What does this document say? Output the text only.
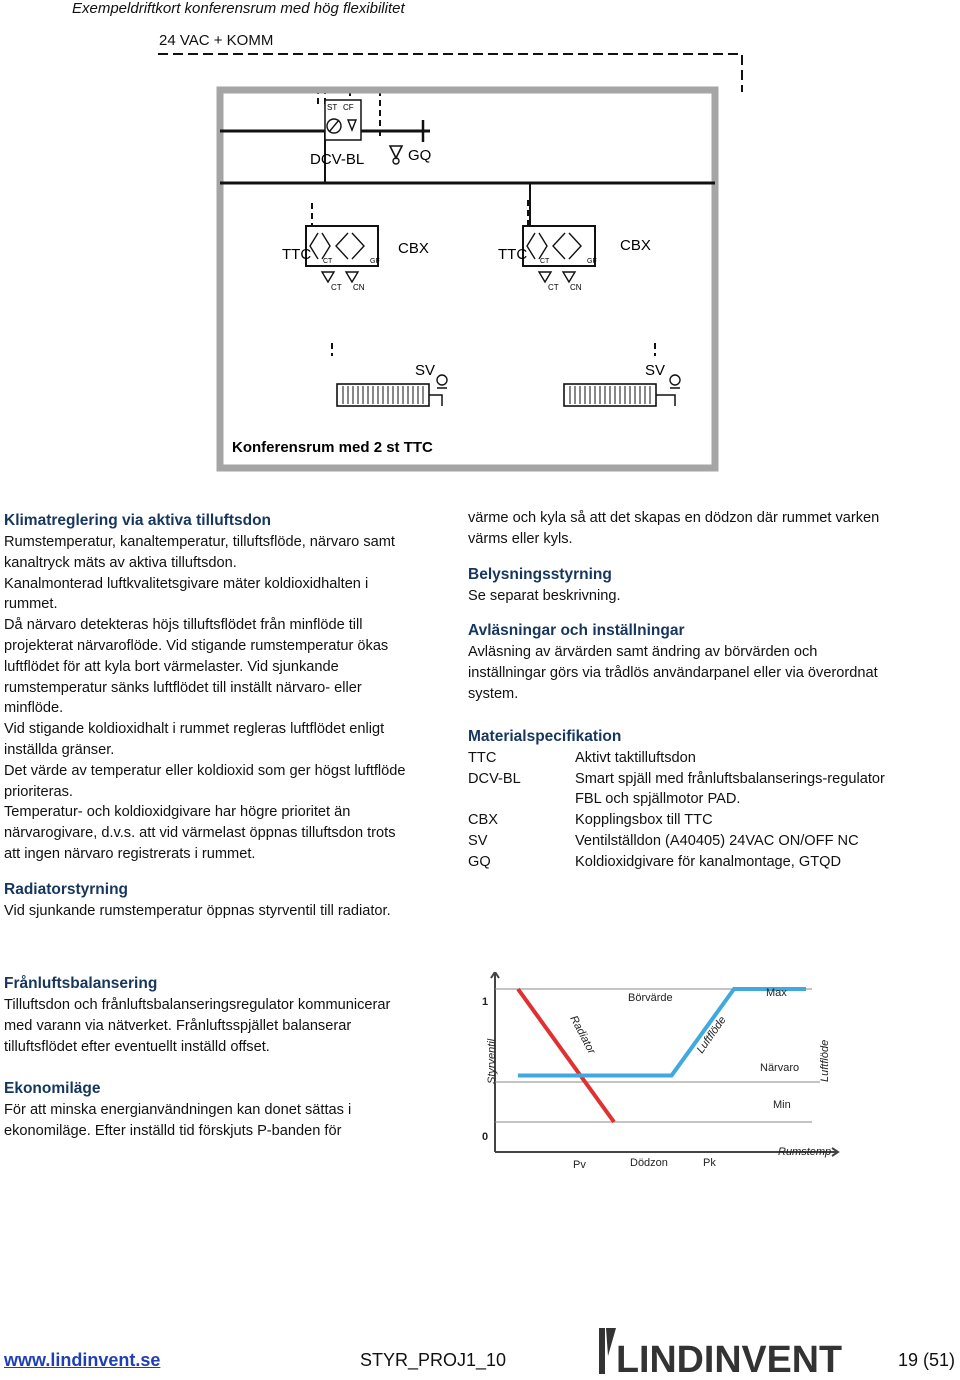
Exempeldriftkort konferensrum med hög flexibilitet
24 VAC + KOMM
ST CF
DCV-BL	GQ
CT	GF
TTC	CBX
CT CN
CT	GF
TTC
CBX
CT CN
SV	SV
Konferensrum med 2 st TTC

Klimatreglering via aktiva tilluftsdon

Rumstemperatur, kanaltemperatur, tilluftsflöde, närvaro samt kanaltryck mäts av aktiva tilluftsdon.

Kanalmonterad luftkvalitetsgivare mäter koldioxidhalten i rummet.

Då närvaro detekteras höjs tilluftsflödet från minflöde till projekterat närvaroflöde. Vid stigande rumstemperatur ökas luftflödet för att kyla bort värmelaster. Vid sjunkande rumstemperatur sänks luftflödet till inställt närvaro- eller minflöde.

Vid stigande koldioxidhalt i rummet regleras luftflödet enligt inställda gränser.

Det värde av temperatur eller koldioxid som ger högst luftflöde prioriteras.

Temperatur- och koldioxidgivare har högre prioritet än närvarogivare, d.v.s. att vid värmelast öppnas tilluftsdon trots att ingen närvaro registrerats i rummet.

Radiatorstyrning

Vid sjunkande rumstemperatur öppnas styrventil till radiator.

Frånluftsbalansering

Tilluftsdon och frånluftsbalanseringsregulator kommunicerar med varann via nätverket. Frånluftsspjället balanserar tilluftsflödet efter eventuellt inställd offset.

Ekonomiläge

För att minska energianvändningen kan donet sättas i ekonomiläge. Efter inställd tid förskjuts P-banden för

värme och kyla så att det skapas en dödzon där rummet varken värms eller kyls.

Belysningsstyrning

Se separat beskrivning.

Avläsningar och inställningar

Avläsning av ärvärden samt ändring av börvärden och inställningar görs via trådlös användarpanel eller via överordnat system.

Materialspecifikation

TTC	Aktivt taktilluftsdon
DCV-BL	Smart spjäll med frånluftsbalanserings-regulator FBL och spjällmotor PAD.
CBX	Kopplingsbox till TTC
SV	Ventilställdon (A40405) 24VAC ON/OFF NC
GQ	Koldioxidgivare för kanalmontage, GTQD
1
0
Börvärde	Max
Närvaro
Min
Styrventil
Radiator	Luftflöde
Luftflöde
Pv	Dödzon	Pk
Rumstemp
www.lindinvent.se	STYR_PROJ1_10	LINDINVENT	19 (51)
